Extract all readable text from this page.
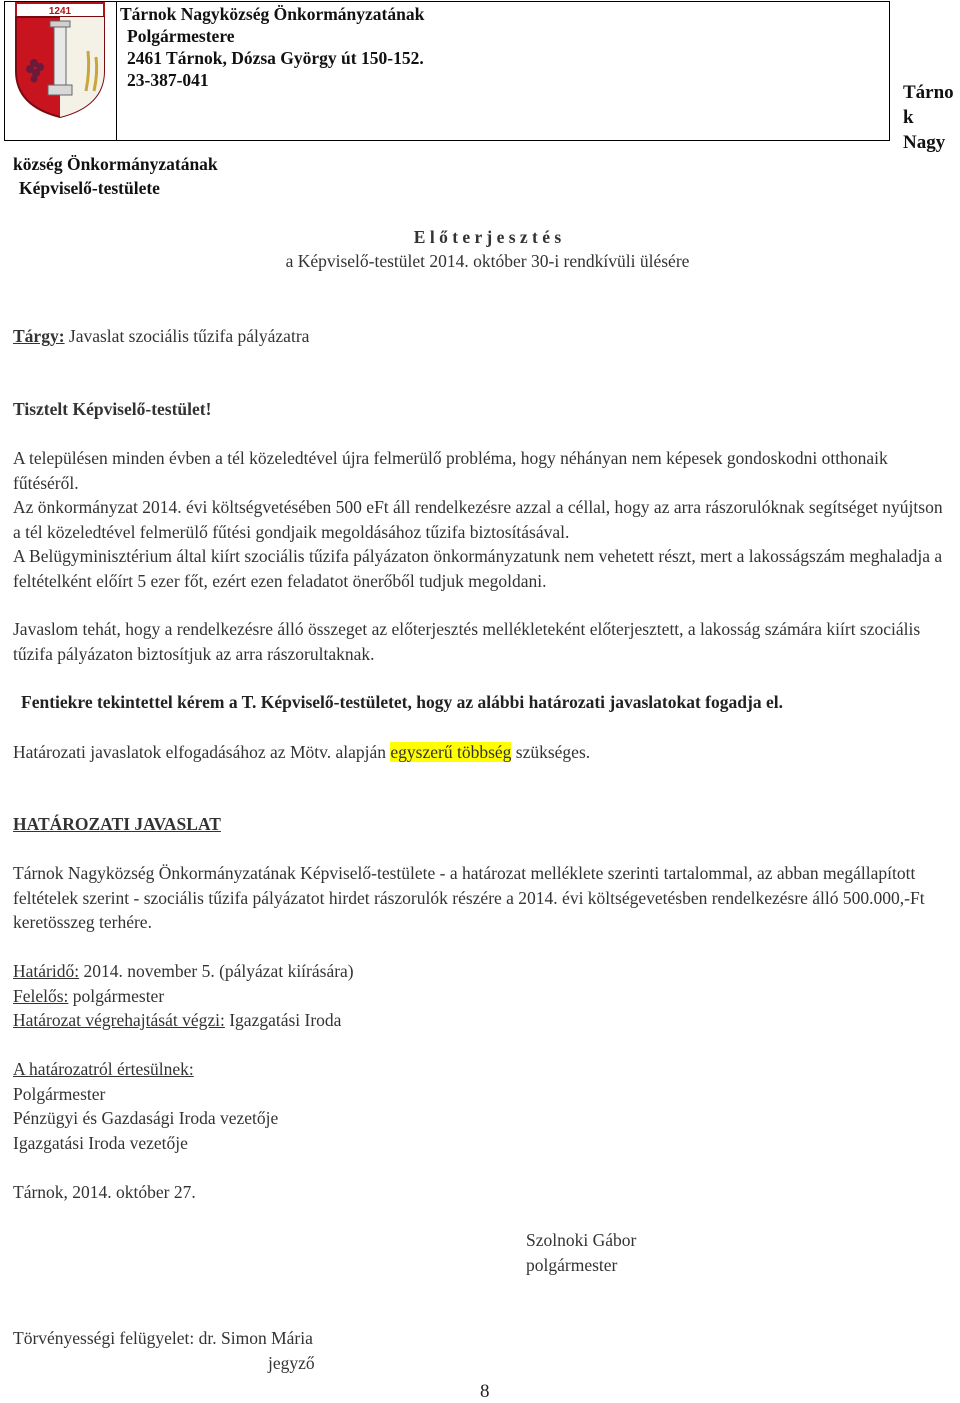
1241	Tárnok Nagyközség Önkormányzatának
Polgármestere
2461 Tárnok, Dózsa György út 150-152.
23-387-041
Tárno
k
Nagy
község Önkormányzatának
Képviselő-testülete
E l ő t e r j e s z t é s
a Képviselő-testület 2014. október 30-i rendkívüli ülésére
Tárgy: Javaslat szociális tűzifa pályázatra
Tisztelt Képviselő-testület!
A településen minden évben a tél közeledtével újra felmerülő probléma, hogy néhányan nem képesek gondoskodni otthonaik fűtéséről.
Az önkormányzat 2014. évi költségvetésében 500 eFt áll rendelkezésre azzal a céllal, hogy az arra rászorulóknak segítséget nyújtson a tél közeledtével felmerülő fűtési gondjaik megoldásához tűzifa biztosításával.
A Belügyminisztérium által kiírt szociális tűzifa pályázaton önkormányzatunk nem vehetett részt, mert a lakosságszám meghaladja a feltételként előírt 5 ezer főt, ezért ezen feladatot önerőből tudjuk megoldani.
Javaslom tehát, hogy a rendelkezésre álló összeget az előterjesztés mellékleteként előterjesztett, a lakosság számára kiírt szociális tűzifa pályázaton biztosítjuk az arra rászorultaknak.
Fentiekre tekintettel kérem a T. Képviselő-testületet, hogy az alábbi határozati javaslatokat fogadja el.
Határozati javaslatok elfogadásához az Mötv. alapján egyszerű többség szükséges.
HATÁROZATI JAVASLAT
Tárnok Nagyközség Önkormányzatának Képviselő-testülete - a határozat melléklete szerinti tartalommal, az abban megállapított feltételek szerint - szociális tűzifa pályázatot hirdet rászorulók részére a 2014. évi költségevetésben rendelkezésre álló 500.000,-Ft keretösszeg terhére.
Határidő: 2014. november 5. (pályázat kiírására)
Felelős: polgármester
Határozat végrehajtását végzi: Igazgatási Iroda
A határozatról értesülnek:
Polgármester
Pénzügyi és Gazdasági Iroda vezetője
Igazgatási Iroda vezetője
Tárnok, 2014. október 27.
Szolnoki Gábor
polgármester
Törvényességi felügyelet: dr. Simon Mária
jegyző
8
